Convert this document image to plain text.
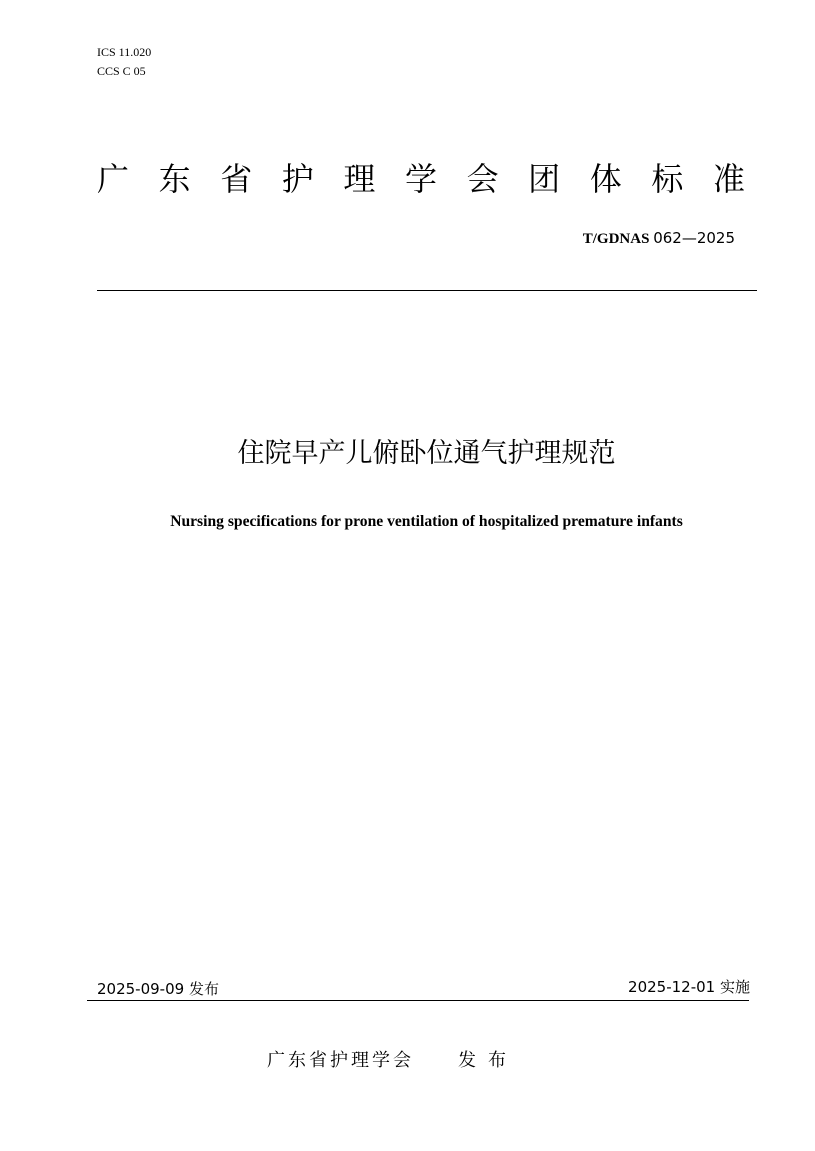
ICS 11.020
CCS C 05
广 东 省 护 理 学 会 团 体 标 准
T/GDNAS 062—2025
住院早产儿俯卧位通气护理规范
Nursing specifications for prone ventilation of hospitalized premature infants
2025-09-09 发布	2025-12-01 实施
广东省护理学会 发布
